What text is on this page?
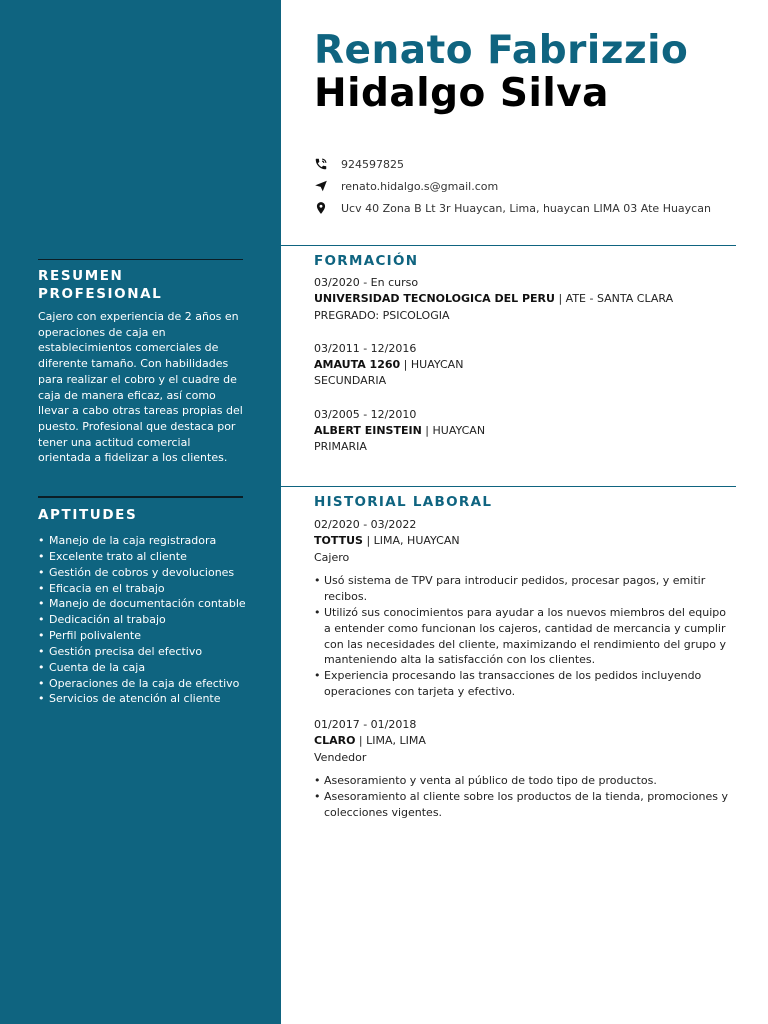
RESUMEN
PROFESIONAL
Cajero con experiencia de 2 años en operaciones de caja en establecimientos comerciales de diferente tamaño. Con habilidades para realizar el cobro y el cuadre de caja de manera eficaz, así como llevar a cabo otras tareas propias del puesto. Profesional que destaca por tener una actitud comercial orientada a fidelizar a los clientes.
APTITUDES
• Manejo de la caja registradora
• Excelente trato al cliente
• Gestión de cobros y devoluciones
• Eficacia en el trabajo
• Manejo de documentación contable
• Dedicación al trabajo
• Perfil polivalente
• Gestión precisa del efectivo
• Cuenta de la caja
• Operaciones de la caja de efectivo
• Servicios de atención al cliente
Renato Fabrizzio
Hidalgo Silva
924597825
renato.hidalgo.s@gmail.com
Ucv 40 Zona B Lt 3r Huaycan, Lima, huaycan LIMA 03 Ate Huaycan
FORMACIÓN
03/2020 - En curso
UNIVERSIDAD TECNOLOGICA DEL PERU | ATE - SANTA CLARA
PREGRADO: PSICOLOGIA
03/2011 - 12/2016
AMAUTA 1260 | HUAYCAN
SECUNDARIA
03/2005 - 12/2010
ALBERT EINSTEIN | HUAYCAN
PRIMARIA
HISTORIAL LABORAL
02/2020 - 03/2022
TOTTUS | LIMA, HUAYCAN
Cajero
• Usó sistema de TPV para introducir pedidos, procesar pagos, y emitir recibos.
• Utilizó sus conocimientos para ayudar a los nuevos miembros del equipo a entender como funcionan los cajeros, cantidad de mercancia y cumplir con las necesidades del cliente, maximizando el rendimiento del grupo y manteniendo alta la satisfacción con los clientes.
• Experiencia procesando las transacciones de los pedidos incluyendo operaciones con tarjeta y efectivo.
01/2017 - 01/2018
CLARO | LIMA, LIMA
Vendedor
• Asesoramiento y venta al público de todo tipo de productos.
• Asesoramiento al cliente sobre los productos de la tienda, promociones y colecciones vigentes.
